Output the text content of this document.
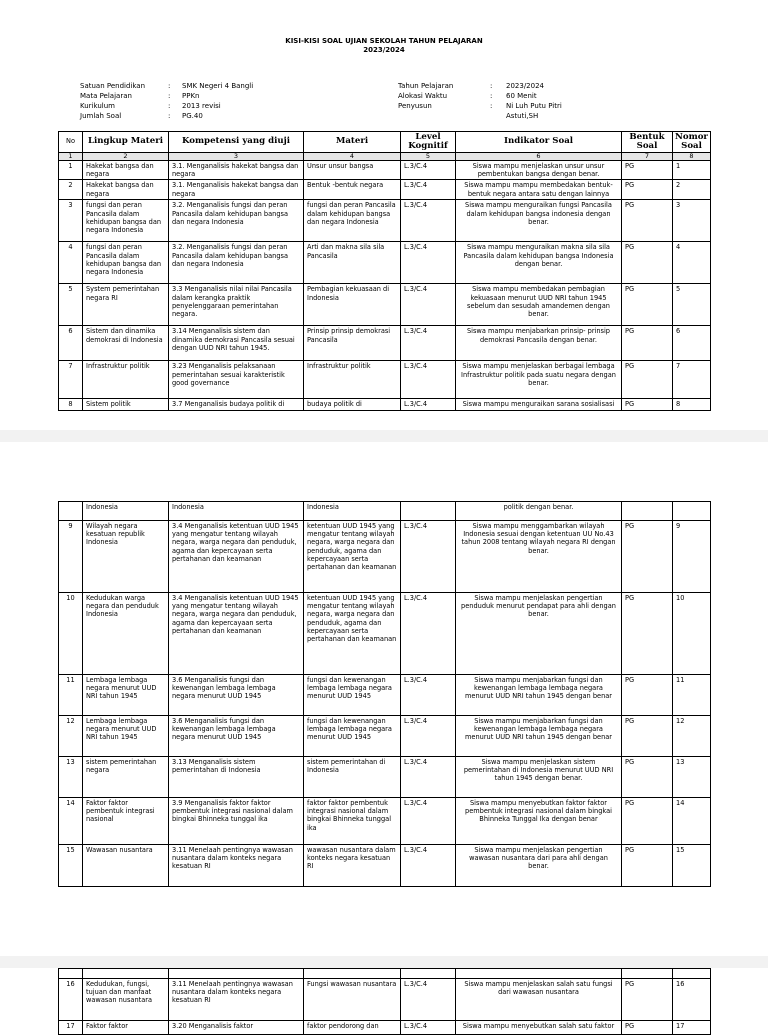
KISI-KISI SOAL UJIAN SEKOLAH TAHUN PELAJARAN
2023/2024
Satuan Pendidikan	:	SMK Negeri 4 Bangli
Mata Pelajaran	:	PPKn
Kurikulum	:	2013 revisi

Jumlah Soal	:	PG.40
Tahun Pelajaran	:	2023/2024
Alokasi Waktu	:	60 Menit
Penyusun	:	Ni Luh Putu Pitri
		Astuti,SH
No	Lingkup Materi	Kompetensi yang diuji	Materi	Level Kognitif	Indikator Soal	Bentuk Soal	Nomor Soal
1	2	3	4	5	6	7	8
1	Hakekat bangsa dan negara	3.1. Menganalisis hakekat bangsa dan negara	Unsur unsur bangsa	L.3/C.4	Siswa mampu menjelaskan unsur unsur pembentukan bangsa dengan benar.	PG	1
2	Hakekat bangsa dan negara	3.1. Menganalisis hakekat bangsa dan negara	Bentuk -bentuk negara	L.3/C.4	Siswa mampu mampu membedakan bentuk-bentuk negara antara satu dengan lainnya	PG	2
3	fungsi dan peran Pancasila dalam kehidupan bangsa dan negara Indonesia	3.2. Menganalisis fungsi dan peran Pancasila dalam kehidupan bangsa dan negara Indonesia	fungsi dan peran Pancasila dalam kehidupan bangsa dan negara Indonesia	L.3/C.4	Siswa mampu menguraikan fungsi Pancasila dalam kehidupan bangsa indonesia dengan benar.	PG	3
4	fungsi dan peran Pancasila dalam kehidupan bangsa dan negara Indonesia	3.2. Menganalisis fungsi dan peran Pancasila dalam kehidupan bangsa dan negara Indonesia	Arti dan makna sila sila Pancasila	L.3/C.4	Siswa mampu menguraikan makna sila sila Pancasila dalam kehidupan bangsa Indonesia dengan benar.	PG	4
5	System pemerintahan negara RI	3.3 Menganalisis nilai nilai Pancasila dalam kerangka praktik penyelenggaraan pemerintahan negara.	Pembagian kekuasaan di Indonesia	L.3/C.4	Siswa mampu membedakan pembagian kekuasaan menurut UUD NRI tahun 1945 sebelum dan sesudah amandemen dengan benar.	PG	5
6	Sistem dan dinamika demokrasi di Indonesia	3.14 Menganalisis sistem dan dinamika demokrasi Pancasila sesuai dengan UUD NRI tahun 1945.	Prinsip prinsip demokrasi Pancasila	L.3/C.4	Siswa mampu menjabarkan prinsip- prinsip demokrasi Pancasila dengan benar.	PG	6
7	Infrastruktur politik	3.23 Menganalisis pelaksanaan pemerintahan sesuai karakteristik good governance	Infrastruktur politik	L.3/C.4	Siswa mampu menjelaskan berbagai lembaga Infrastruktur politik pada suatu negara dengan benar.	PG	7
8	Sistem politik	3.7 Menganalisis budaya politik di	budaya politik di	L.3/C.4	Siswa mampu menguraikan sarana sosialisasi	PG	8
	Indonesia	Indonesia	Indonesia		politik dengan benar.		
9	Wilayah negara kesatuan republik Indonesia	3.4 Menganalisis ketentuan UUD 1945 yang mengatur tentang wilayah negara, warga negara dan penduduk, agama dan kepercayaan serta pertahanan dan keamanan	ketentuan UUD 1945 yang mengatur tentang wilayah negara, warga negara dan penduduk, agama dan kepercayaan serta pertahanan dan keamanan	L.3/C.4	Siswa mampu menggambarkan wilayah Indonesia sesuai dengan ketentuan UU No.43 tahun 2008 tentang wilayah negara RI dengan benar.	PG	9
10	Kedudukan warga negara dan penduduk Indonesia	3.4 Menganalisis ketentuan UUD 1945 yang mengatur tentang wilayah negara, warga negara dan penduduk, agama dan kepercayaan serta pertahanan dan keamanan	ketentuan UUD 1945 yang mengatur tentang wilayah negara, warga negara dan penduduk, agama dan kepercayaan serta pertahanan dan keamanan	L.3/C.4	Siswa mampu menjelaskan pengertian penduduk menurut pendapat para ahli dengan benar.	PG	10
11	Lembaga lembaga negara menurut UUD NRI tahun 1945	3.6 Menganalisis fungsi dan kewenangan lembaga lembaga negara menurut UUD 1945	fungsi dan kewenangan lembaga lembaga negara menurut UUD 1945	L.3/C.4	Siswa mampu menjabarkan fungsi dan kewenangan lembaga lembaga negara menurut UUD NRI tahun 1945 dengan benar	PG	11
12	Lembaga lembaga negara menurut UUD NRI tahun 1945	3.6 Menganalisis fungsi dan kewenangan lembaga lembaga negara menurut UUD 1945	fungsi dan kewenangan lembaga lembaga negara menurut UUD 1945	L.3/C.4	Siswa mampu menjabarkan fungsi dan kewenangan lembaga lembaga negara menurut UUD NRI tahun 1945 dengan benar	PG	12
13	sistem pemerintahan negara	3.13 Menganalisis sistem pemerintahan di Indonesia	sistem pemerintahan di Indonesia	L.3/C.4	Siswa mampu menjelaskan sistem pemerintahan di Indonesia menurut UUD NRI tahun 1945 dengan benar.	PG	13
14	Faktor faktor pembentuk integrasi nasional	3.9 Menganalisis faktor faktor pembentuk integrasi nasional dalam bingkai Bhinneka tunggal ika	faktor faktor pembentuk integrasi nasional dalam bingkai Bhinneka tunggal ika	L.3/C.4	Siswa mampu menyebutkan faktor faktor pembentuk integrasi nasional dalam bingkai Bhinneka Tunggal Ika dengan benar	PG	14
15	Wawasan nusantara	3.11 Menelaah pentingnya wawasan nusantara dalam konteks negara kesatuan RI	wawasan nusantara dalam konteks negara kesatuan RI	L.3/C.4	Siswa mampu menjelaskan pengertian wawasan nusantara dari para ahli dengan benar.	PG	15

16	Kedudukan, fungsi, tujuan dan manfaat wawasan nusantara	3.11 Menelaah pentingnya wawasan nusantara dalam konteks negara kesatuan RI	Fungsi wawasan nusantara	L.3/C.4	Siswa mampu menjelaskan salah satu fungsi dari wawasan nusantara	PG	16
17	Faktor faktor	3.20 Menganalisis faktor	faktor pendorong dan	L.3/C.4	Siswa mampu menyebutkan salah satu faktor	PG	17
